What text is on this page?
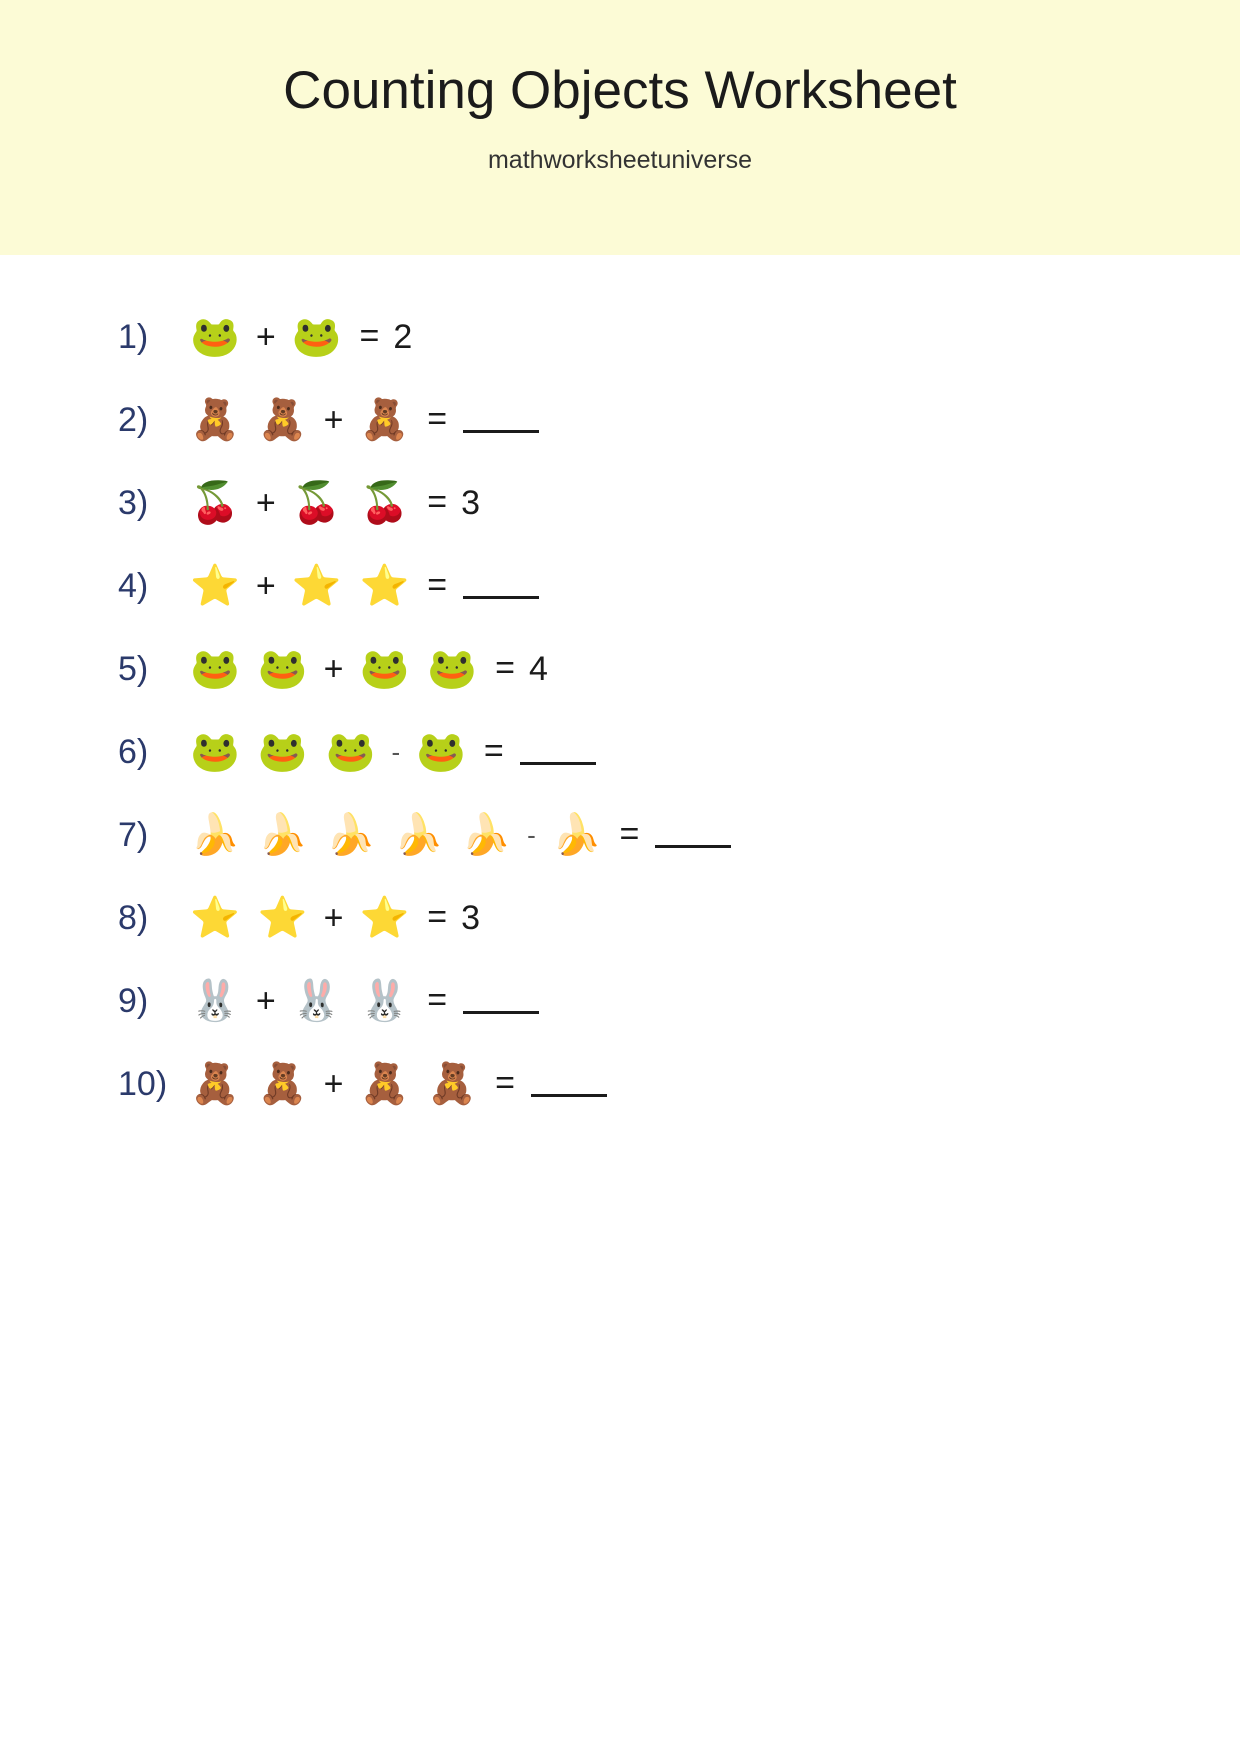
Counting Objects Worksheet

mathworksheetuniverse

1)	🐸 + 🐸 = 2
2)	🧸 🧸 + 🧸 =
3)	🍒 + 🍒 🍒 = 3
4)	⭐ + ⭐ ⭐ =
5)	🐸 🐸 + 🐸 🐸 = 4
6)	🐸 🐸 🐸 - 🐸 =
7)	🍌 🍌 🍌 🍌 🍌 - 🍌 =
8)	⭐ ⭐ + ⭐ = 3
9)	🐰 + 🐰 🐰 =
10) 🧸 🧸 + 🧸 🧸 =
